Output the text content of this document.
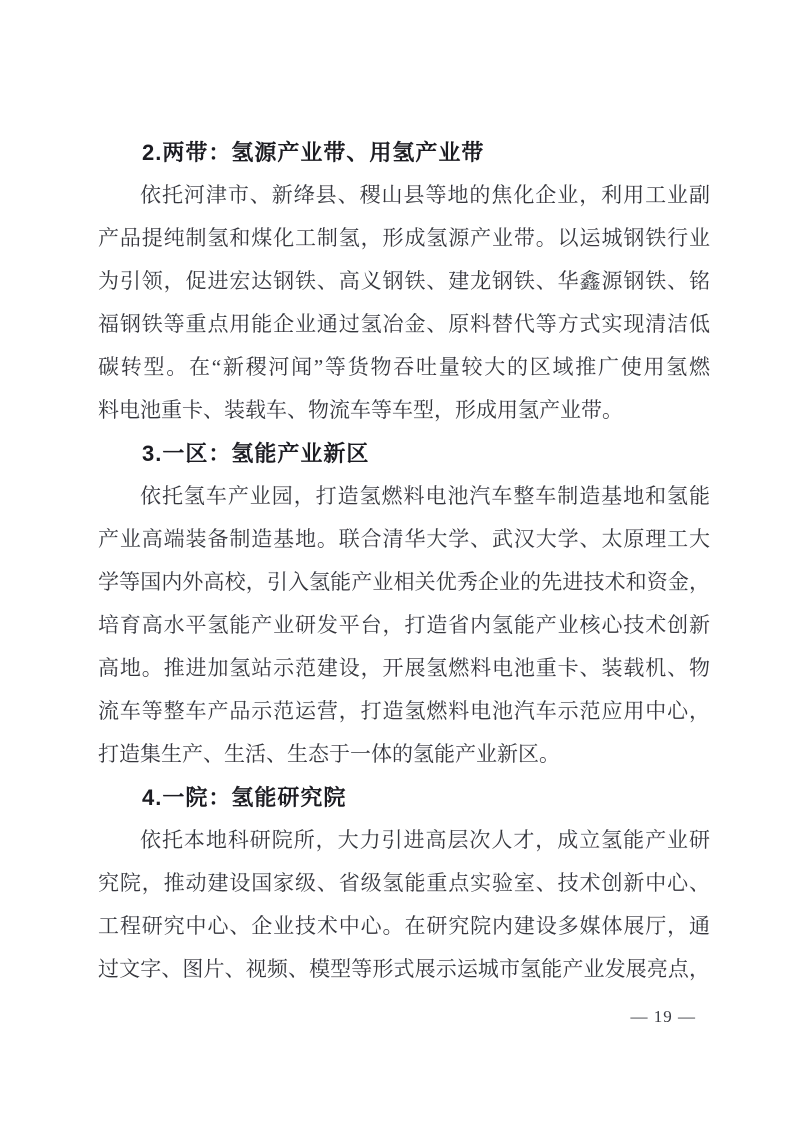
2.两带：氢源产业带、用氢产业带
依托河津市、新绛县、稷山县等地的焦化企业，利用工业副
产品提纯制氢和煤化工制氢，形成氢源产业带。以运城钢铁行业
为引领，促进宏达钢铁、高义钢铁、建龙钢铁、华鑫源钢铁、铭
福钢铁等重点用能企业通过氢冶金、原料替代等方式实现清洁低
碳转型。在“新稷河闻”等货物吞吐量较大的区域推广使用氢燃
料电池重卡、装载车、物流车等车型，形成用氢产业带。
3.一区：氢能产业新区
依托氢车产业园，打造氢燃料电池汽车整车制造基地和氢能
产业高端装备制造基地。联合清华大学、武汉大学、太原理工大
学等国内外高校，引入氢能产业相关优秀企业的先进技术和资金，
培育高水平氢能产业研发平台，打造省内氢能产业核心技术创新
高地。推进加氢站示范建设，开展氢燃料电池重卡、装载机、物
流车等整车产品示范运营，打造氢燃料电池汽车示范应用中心，
打造集生产、生活、生态于一体的氢能产业新区。
4.一院：氢能研究院
依托本地科研院所，大力引进高层次人才，成立氢能产业研
究院，推动建设国家级、省级氢能重点实验室、技术创新中心、
工程研究中心、企业技术中心。在研究院内建设多媒体展厅，通
过文字、图片、视频、模型等形式展示运城市氢能产业发展亮点，
— 19 —
